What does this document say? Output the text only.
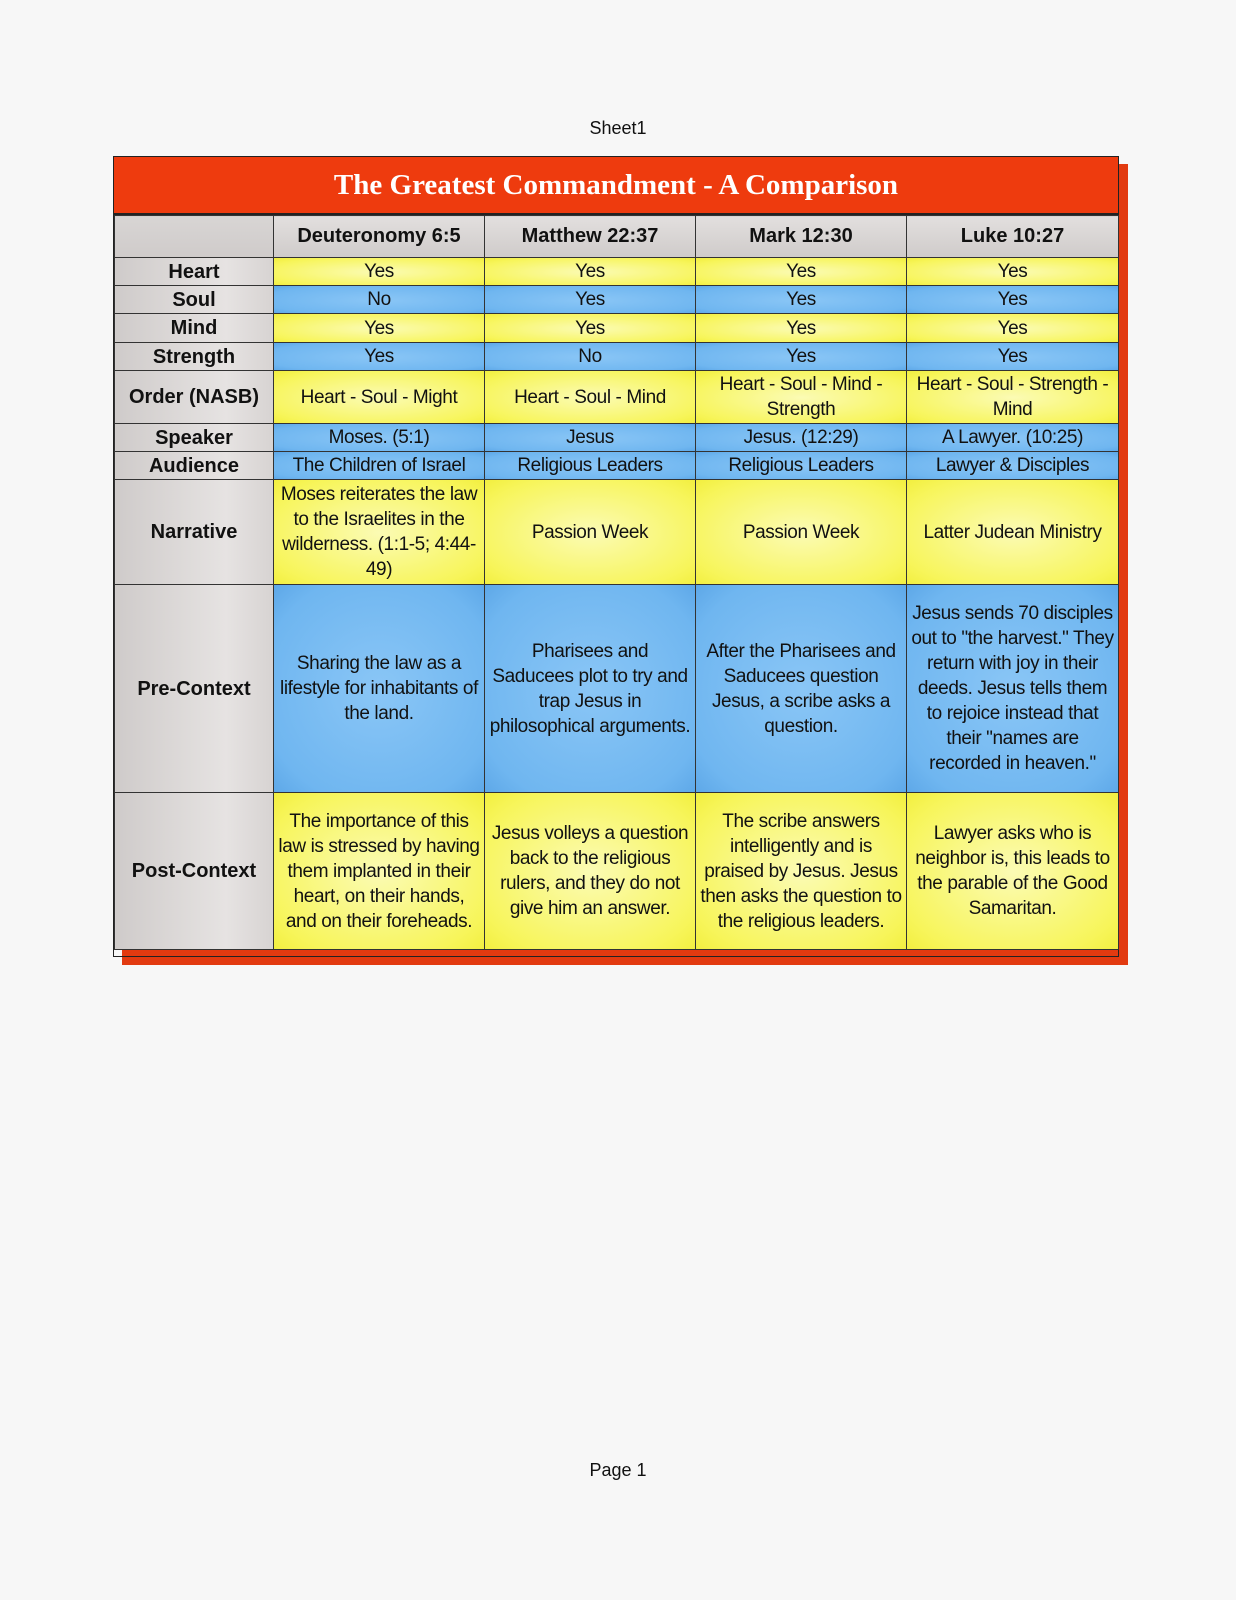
Sheet1
The Greatest Commandment - A Comparison
	Deuteronomy 6:5	Matthew 22:37	Mark 12:30	Luke 10:27
Heart	Yes	Yes	Yes	Yes
Soul	No	Yes	Yes	Yes
Mind	Yes	Yes	Yes	Yes
Strength	Yes	No	Yes	Yes
Order (NASB)	Heart - Soul - Might	Heart - Soul - Mind	Heart - Soul - Mind - Strength	Heart - Soul - Strength - Mind
Speaker	Moses. (5:1)	Jesus	Jesus. (12:29)	A Lawyer. (10:25)
Audience	The Children of Israel	Religious Leaders	Religious Leaders	Lawyer & Disciples
Narrative	Moses reiterates the law to the Israelites in the wilderness. (1:1-5; 4:44-49)	Passion Week	Passion Week	Latter Judean Ministry
Pre-Context	Sharing the law as a lifestyle for inhabitants of the land.	Pharisees and Saducees plot to try and trap Jesus in philosophical arguments.	After the Pharisees and Saducees question Jesus, a scribe asks a question.	Jesus sends 70 disciples out to "the harvest." They return with joy in their deeds. Jesus tells them to rejoice instead that their "names are recorded in heaven."
Post-Context	The importance of this law is stressed by having them implanted in their heart, on their hands, and on their foreheads.	Jesus volleys a question back to the religious rulers, and they do not give him an answer.	The scribe answers intelligently and is praised by Jesus. Jesus then asks the question to the religious leaders.	Lawyer asks who is neighbor is, this leads to the parable of the Good Samaritan.
Page 1
